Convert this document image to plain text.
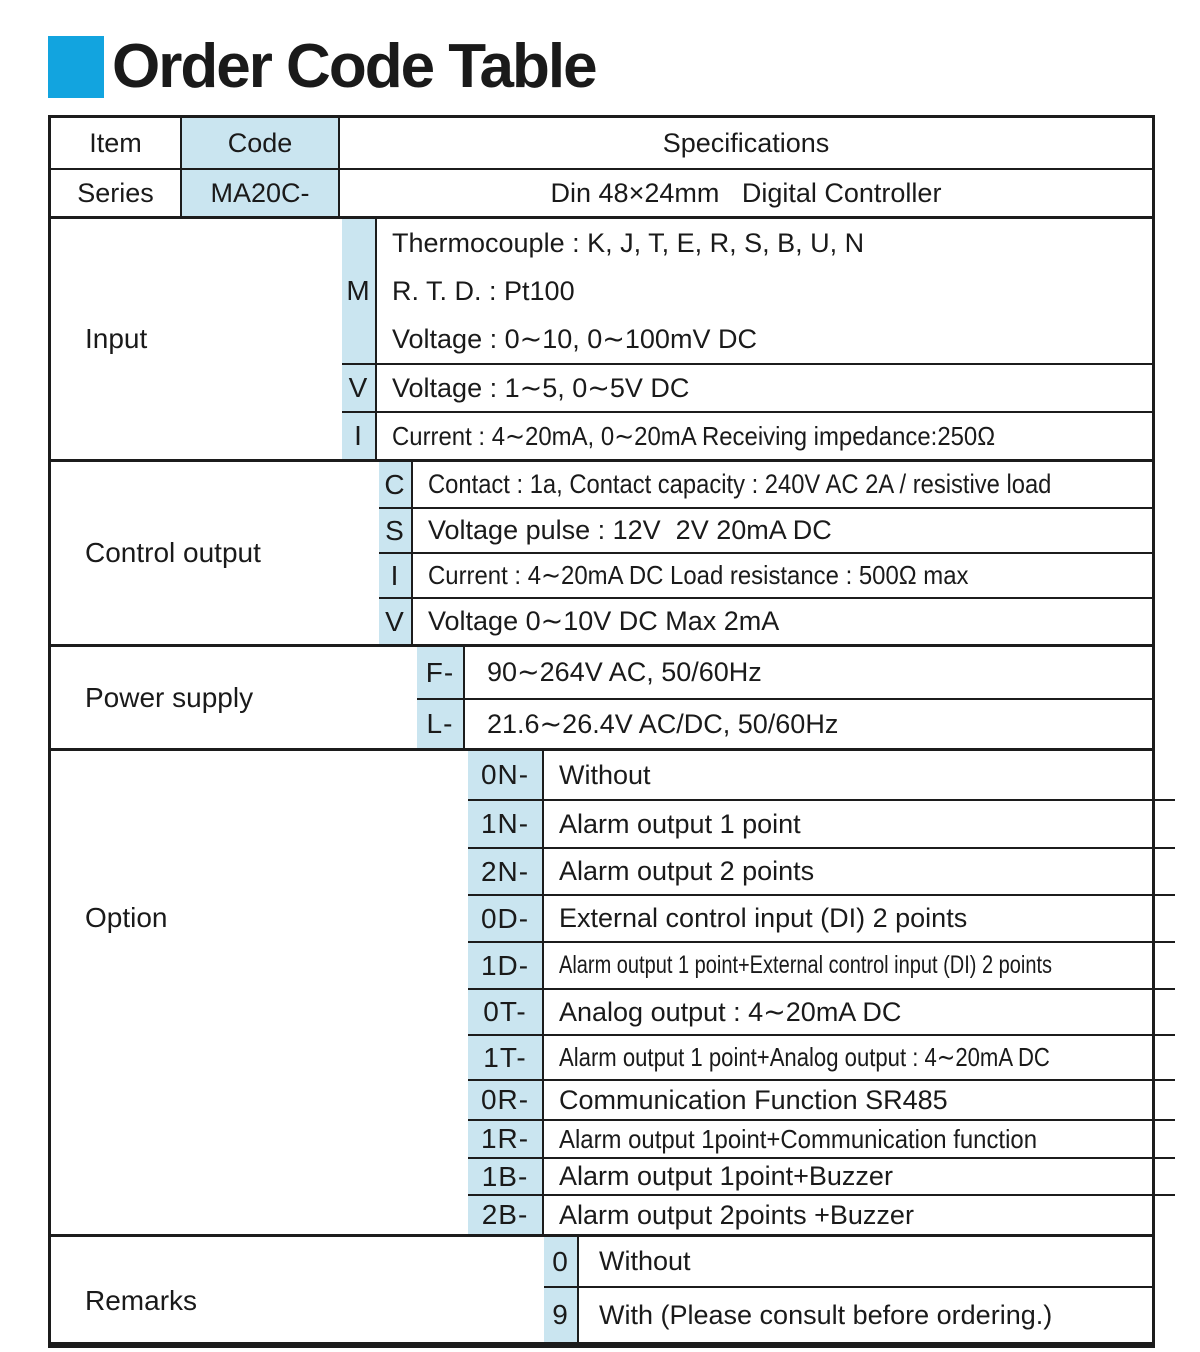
Order Code Table
Item	Code	Specifications
Series	MA20C-	Din 48×24mm   Digital Controller
Input
M
Thermocouple : K, J, T, E, R, S, B, U, N
R. T. D. : Pt100
Voltage : 0∼10, 0∼100mV DC
V Voltage : 1∼5, 0∼5V DC
I	Current : 4∼20mA, 0∼20mA Receiving impedance:250Ω
Control output
C Contact : 1a, Contact capacity : 240V AC 2A / resistive load
S Voltage pulse : 12V  2V 20mA DC
I	Current : 4∼20mA DC Load resistance : 500Ω max
V Voltage 0∼10V DC Max 2mA
Power supply
F-	90∼264V AC, 50/60Hz
L-	21.6∼26.4V AC/DC, 50/60Hz
Option
0N-	Without
1N-	Alarm output 1 point
2N-	Alarm output 2 points
0D-	External control input (DI) 2 points
1D-	Alarm output 1 point+External control input (DI) 2 points
0T-	Analog output : 4∼20mA DC
1T-	Alarm output 1 point+Analog output : 4∼20mA DC
0R-	Communication Function SR485
1R-	Alarm output 1point+Communication function
1B-	Alarm output 1point+Buzzer
2B-	Alarm output 2points +Buzzer
Remarks
0	Without
9	With (Please consult before ordering.)
